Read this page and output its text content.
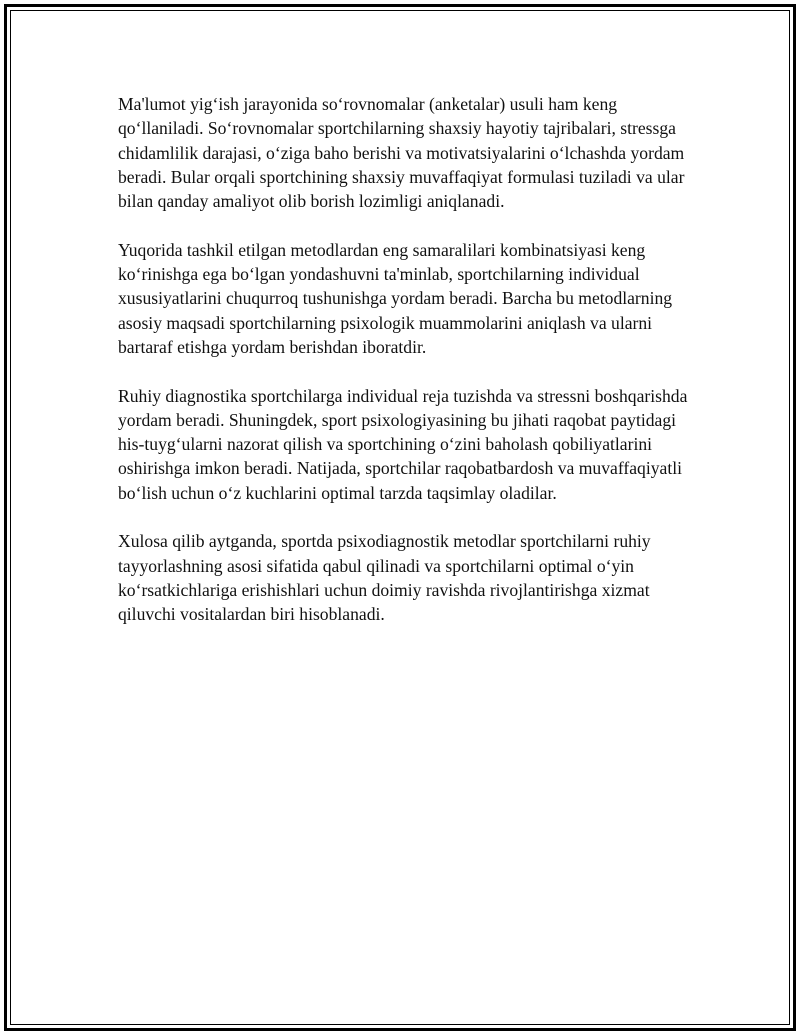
Ma'lumot yig‘ish jarayonida so‘rovnomalar (anketalar) usuli ham keng qo‘llaniladi. So‘rovnomalar sportchilarning shaxsiy hayotiy tajribalari, stressga chidamlilik darajasi, o‘ziga baho berishi va motivatsiyalarini o‘lchashda yordam beradi. Bular orqali sportchining shaxsiy muvaffaqiyat formulasi tuziladi va ular bilan qanday amaliyot olib borish lozimligi aniqlanadi.

Yuqorida tashkil etilgan metodlardan eng samaralilari kombinatsiyasi keng ko‘rinishga ega bo‘lgan yondashuvni ta'minlab, sportchilarning individual xususiyatlarini chuqurroq tushunishga yordam beradi. Barcha bu metodlarning asosiy maqsadi sportchilarning psixologik muammolarini aniqlash va ularni bartaraf etishga yordam berishdan iboratdir.

Ruhiy diagnostika sportchilarga individual reja tuzishda va stressni boshqarishda yordam beradi. Shuningdek, sport psixologiyasining bu jihati raqobat paytidagi his-tuyg‘ularni nazorat qilish va sportchining o‘zini baholash qobiliyatlarini oshirishga imkon beradi. Natijada, sportchilar raqobatbardosh va muvaffaqiyatli bo‘lish uchun o‘z kuchlarini optimal tarzda taqsimlay oladilar.

Xulosa qilib aytganda, sportda psixodiagnostik metodlar sportchilarni ruhiy tayyorlashning asosi sifatida qabul qilinadi va sportchilarni optimal o‘yin ko‘rsatkichlariga erishishlari uchun doimiy ravishda rivojlantirishga xizmat qiluvchi vositalardan biri hisoblanadi.
